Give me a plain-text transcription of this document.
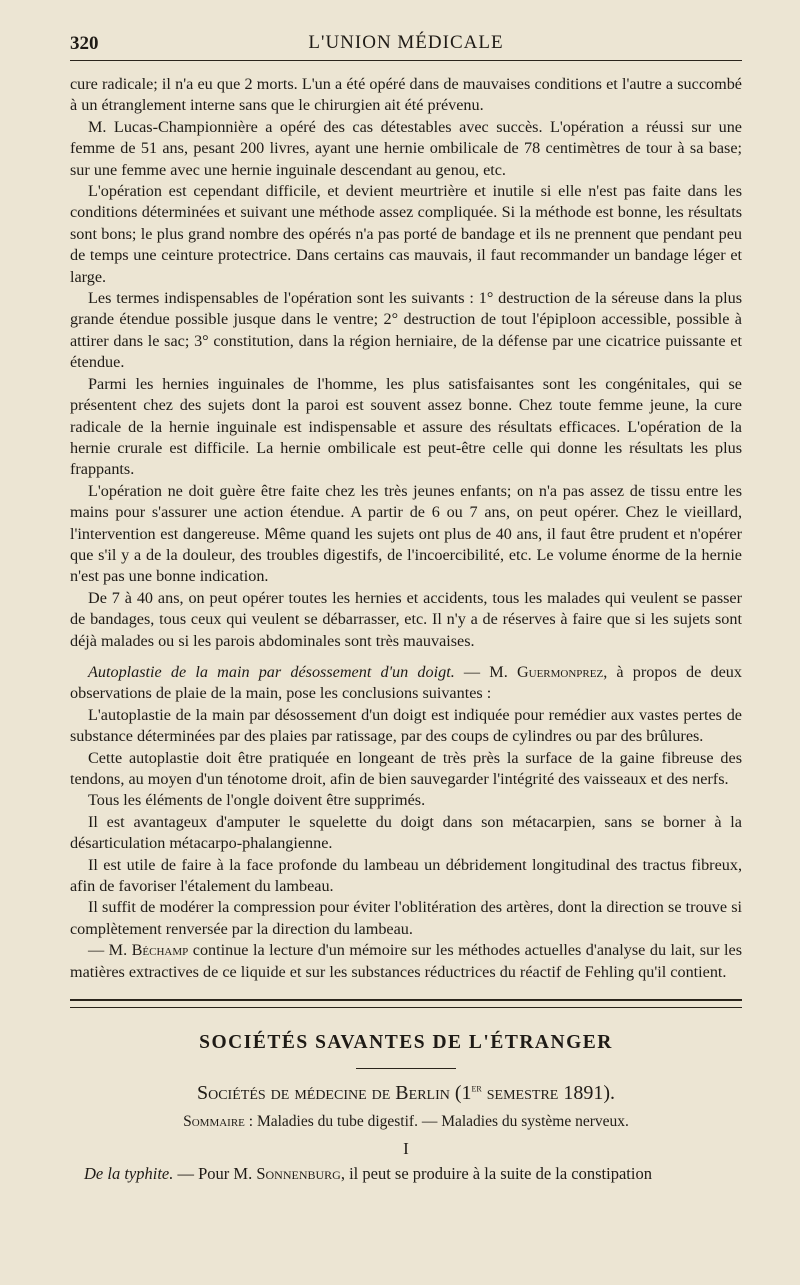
320	L'UNION MÉDICALE

cure radicale; il n'a eu que 2 morts. L'un a été opéré dans de mauvaises conditions et l'autre a succombé à un étranglement interne sans que le chirurgien ait été prévenu.

M. Lucas-Championnière a opéré des cas détestables avec succès. L'opération a réussi sur une femme de 51 ans, pesant 200 livres, ayant une hernie ombilicale de 78 centimètres de tour à sa base; sur une femme avec une hernie inguinale descendant au genou, etc.

L'opération est cependant difficile, et devient meurtrière et inutile si elle n'est pas faite dans les conditions déterminées et suivant une méthode assez compliquée. Si la méthode est bonne, les résultats sont bons; le plus grand nombre des opérés n'a pas porté de bandage et ils ne prennent que pendant peu de temps une ceinture protectrice. Dans certains cas mauvais, il faut recommander un bandage léger et large.

Les termes indispensables de l'opération sont les suivants : 1° destruction de la séreuse dans la plus grande étendue possible jusque dans le ventre; 2° destruction de tout l'épiploon accessible, possible à attirer dans le sac; 3° constitution, dans la région herniaire, de la défense par une cicatrice puissante et étendue.

Parmi les hernies inguinales de l'homme, les plus satisfaisantes sont les congénitales, qui se présentent chez des sujets dont la paroi est souvent assez bonne. Chez toute femme jeune, la cure radicale de la hernie inguinale est indispensable et assure des résultats efficaces. L'opération de la hernie crurale est difficile. La hernie ombilicale est peut-être celle qui donne les résultats les plus frappants.

L'opération ne doit guère être faite chez les très jeunes enfants; on n'a pas assez de tissu entre les mains pour s'assurer une action étendue. A partir de 6 ou 7 ans, on peut opérer. Chez le vieillard, l'intervention est dangereuse. Même quand les sujets ont plus de 40 ans, il faut être prudent et n'opérer que s'il y a de la douleur, des troubles digestifs, de l'incoercibilité, etc. Le volume énorme de la hernie n'est pas une bonne indication.

De 7 à 40 ans, on peut opérer toutes les hernies et accidents, tous les malades qui veulent se passer de bandages, tous ceux qui veulent se débarrasser, etc. Il n'y a de réserves à faire que si les sujets sont déjà malades ou si les parois abdominales sont très mauvaises.

Autoplastie de la main par désossement d'un doigt. — M. Guermonprez, à propos de deux observations de plaie de la main, pose les conclusions suivantes :

L'autoplastie de la main par désossement d'un doigt est indiquée pour remédier aux vastes pertes de substance déterminées par des plaies par ratissage, par des coups de cylindres ou par des brûlures.

Cette autoplastie doit être pratiquée en longeant de très près la surface de la gaine fibreuse des tendons, au moyen d'un ténotome droit, afin de bien sauvegarder l'intégrité des vaisseaux et des nerfs.

Tous les éléments de l'ongle doivent être supprimés.

Il est avantageux d'amputer le squelette du doigt dans son métacarpien, sans se borner à la désarticulation métacarpo-phalangienne.

Il est utile de faire à la face profonde du lambeau un débridement longitudinal des tractus fibreux, afin de favoriser l'étalement du lambeau.

Il suffit de modérer la compression pour éviter l'oblitération des artères, dont la direction se trouve si complètement renversée par la direction du lambeau.

— M. Béchamp continue la lecture d'un mémoire sur les méthodes actuelles d'analyse du lait, sur les matières extractives de ce liquide et sur les substances réductrices du réactif de Fehling qu'il contient.

SOCIÉTÉS SAVANTES DE L'ÉTRANGER
Sociétés de médecine de Berlin (1er semestre 1891).
Sommaire : Maladies du tube digestif. — Maladies du système nerveux.
I

De la typhite. — Pour M. Sonnenburg, il peut se produire à la suite de la constipation
